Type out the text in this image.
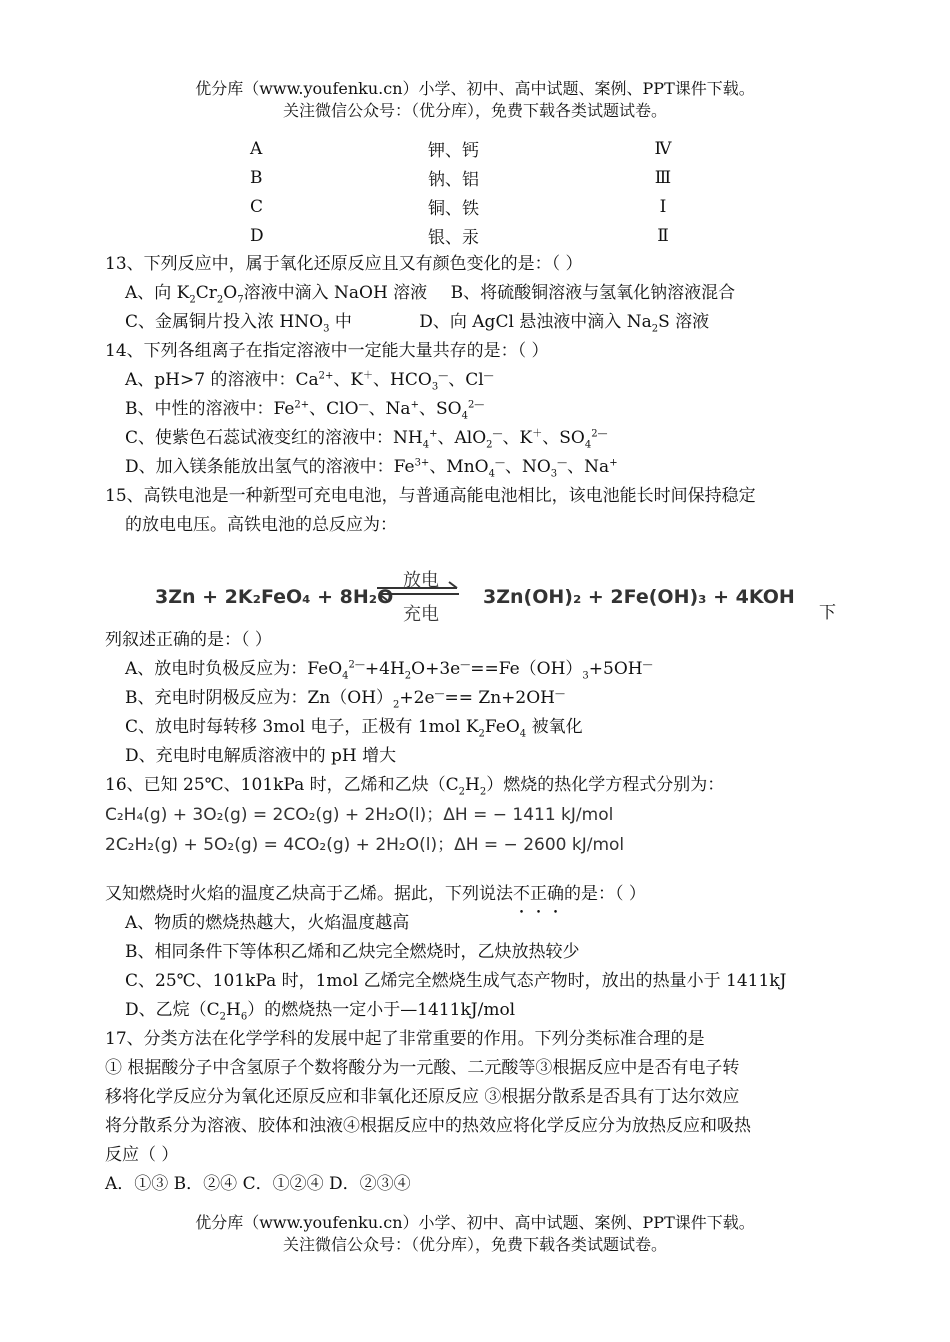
优分库（www.youfenku.cn）小学、初中、高中试题、案例、PPT课件下载。
关注微信公众号：（优分库），免费下载各类试题试卷。
A	钾、钙	Ⅳ
B	钠、铝	Ⅲ
C	铜、铁	Ⅰ
D	银、汞	Ⅱ
13、下列反应中，属于氧化还原反应且又有颜色变化的是：（ ）
A、向 $K_2Cr_2O_7$溶液中滴入 NaOH 溶液 B、将硫酸铜溶液与氢氧化钠溶液混合
C、金属铜片投入浓 $HNO_3$ 中	D、向 AgCl 悬浊液中滴入 $Na_2S$ 溶液
14、下列各组离子在指定溶液中一定能大量共存的是：（ ）
A、pH>7 的溶液中：$Ca^{2+}$、K＋、$HCO_3^—$、Cl—
B、中性的溶液中：$Fe^{2+}$、ClO—、Na+、$SO_4^{2—}$
C、使紫色石蕊试液变红的溶液中：$NH_4^+$、AlO$_2$—、K＋、$SO_4^{2—}$
D、加入镁条能放出氢气的溶液中：$Fe^{3+}$、MnO$_4$—、$NO_3^—$、Na+
15、高铁电池是一种新型可充电电池，与普通高能电池相比，该电池能长时间保持稳定
的放电电压。高铁电池的总反应为：
3Zn + 2K₂FeO₄ + 8H₂O
放电
充电
3Zn(OH)₂ + 2Fe(OH)₃ + 4KOH
下
列叙述正确的是：（ ）
A、放电时负极反应为：$FeO_4^{2—}+4H_2O+3e^—==Fe(OH)_3+5OH^—$
B、充电时阴极反应为：$Zn(OH)_2+2e^—== Zn+2OH^—$
C、放电时每转移 3mol 电子，正极有 1mol $K_2FeO_4$ 被氧化
D、充电时电解质溶液中的 pH 增大
16、已知 25℃、101kPa 时，乙烯和乙炔$(C_2H_2)$燃烧的热化学方程式分别为：
C₂H₄(g) + 3O₂(g) = 2CO₂(g) + 2H₂O(l)；ΔH = − 1411 kJ/mol
2C₂H₂(g) + 5O₂(g) = 4CO₂(g) + 2H₂O(l)；ΔH = − 2600 kJ/mol
又知燃烧时火焰的温度乙炔高于乙烯。据此，下列说法不正确的是：（ ）
A、物质的燃烧热越大，火焰温度越高
B、相同条件下等体积乙烯和乙炔完全燃烧时，乙炔放热较少
C、25℃、101kPa 时，1mol 乙烯完全燃烧生成气态产物时，放出的热量小于 1411kJ
D、乙烷$(C_2H_6)$的燃烧热一定小于—1411kJ/mol
17、分类方法在化学学科的发展中起了非常重要的作用。下列分类标准合理的是
① 根据酸分子中含氢原子个数将酸分为一元酸、二元酸等③根据反应中是否有电子转
移将化学反应分为氧化还原反应和非氧化还原反应 ③根据分散系是否具有丁达尔效应
将分散系分为溶液、胶体和浊液④根据反应中的热效应将化学反应分为放热反应和吸热
反应（ ）
A．①③ B．②④ C．①②④ D．②③④
优分库（www.youfenku.cn）小学、初中、高中试题、案例、PPT课件下载。
关注微信公众号：（优分库），免费下载各类试题试卷。
